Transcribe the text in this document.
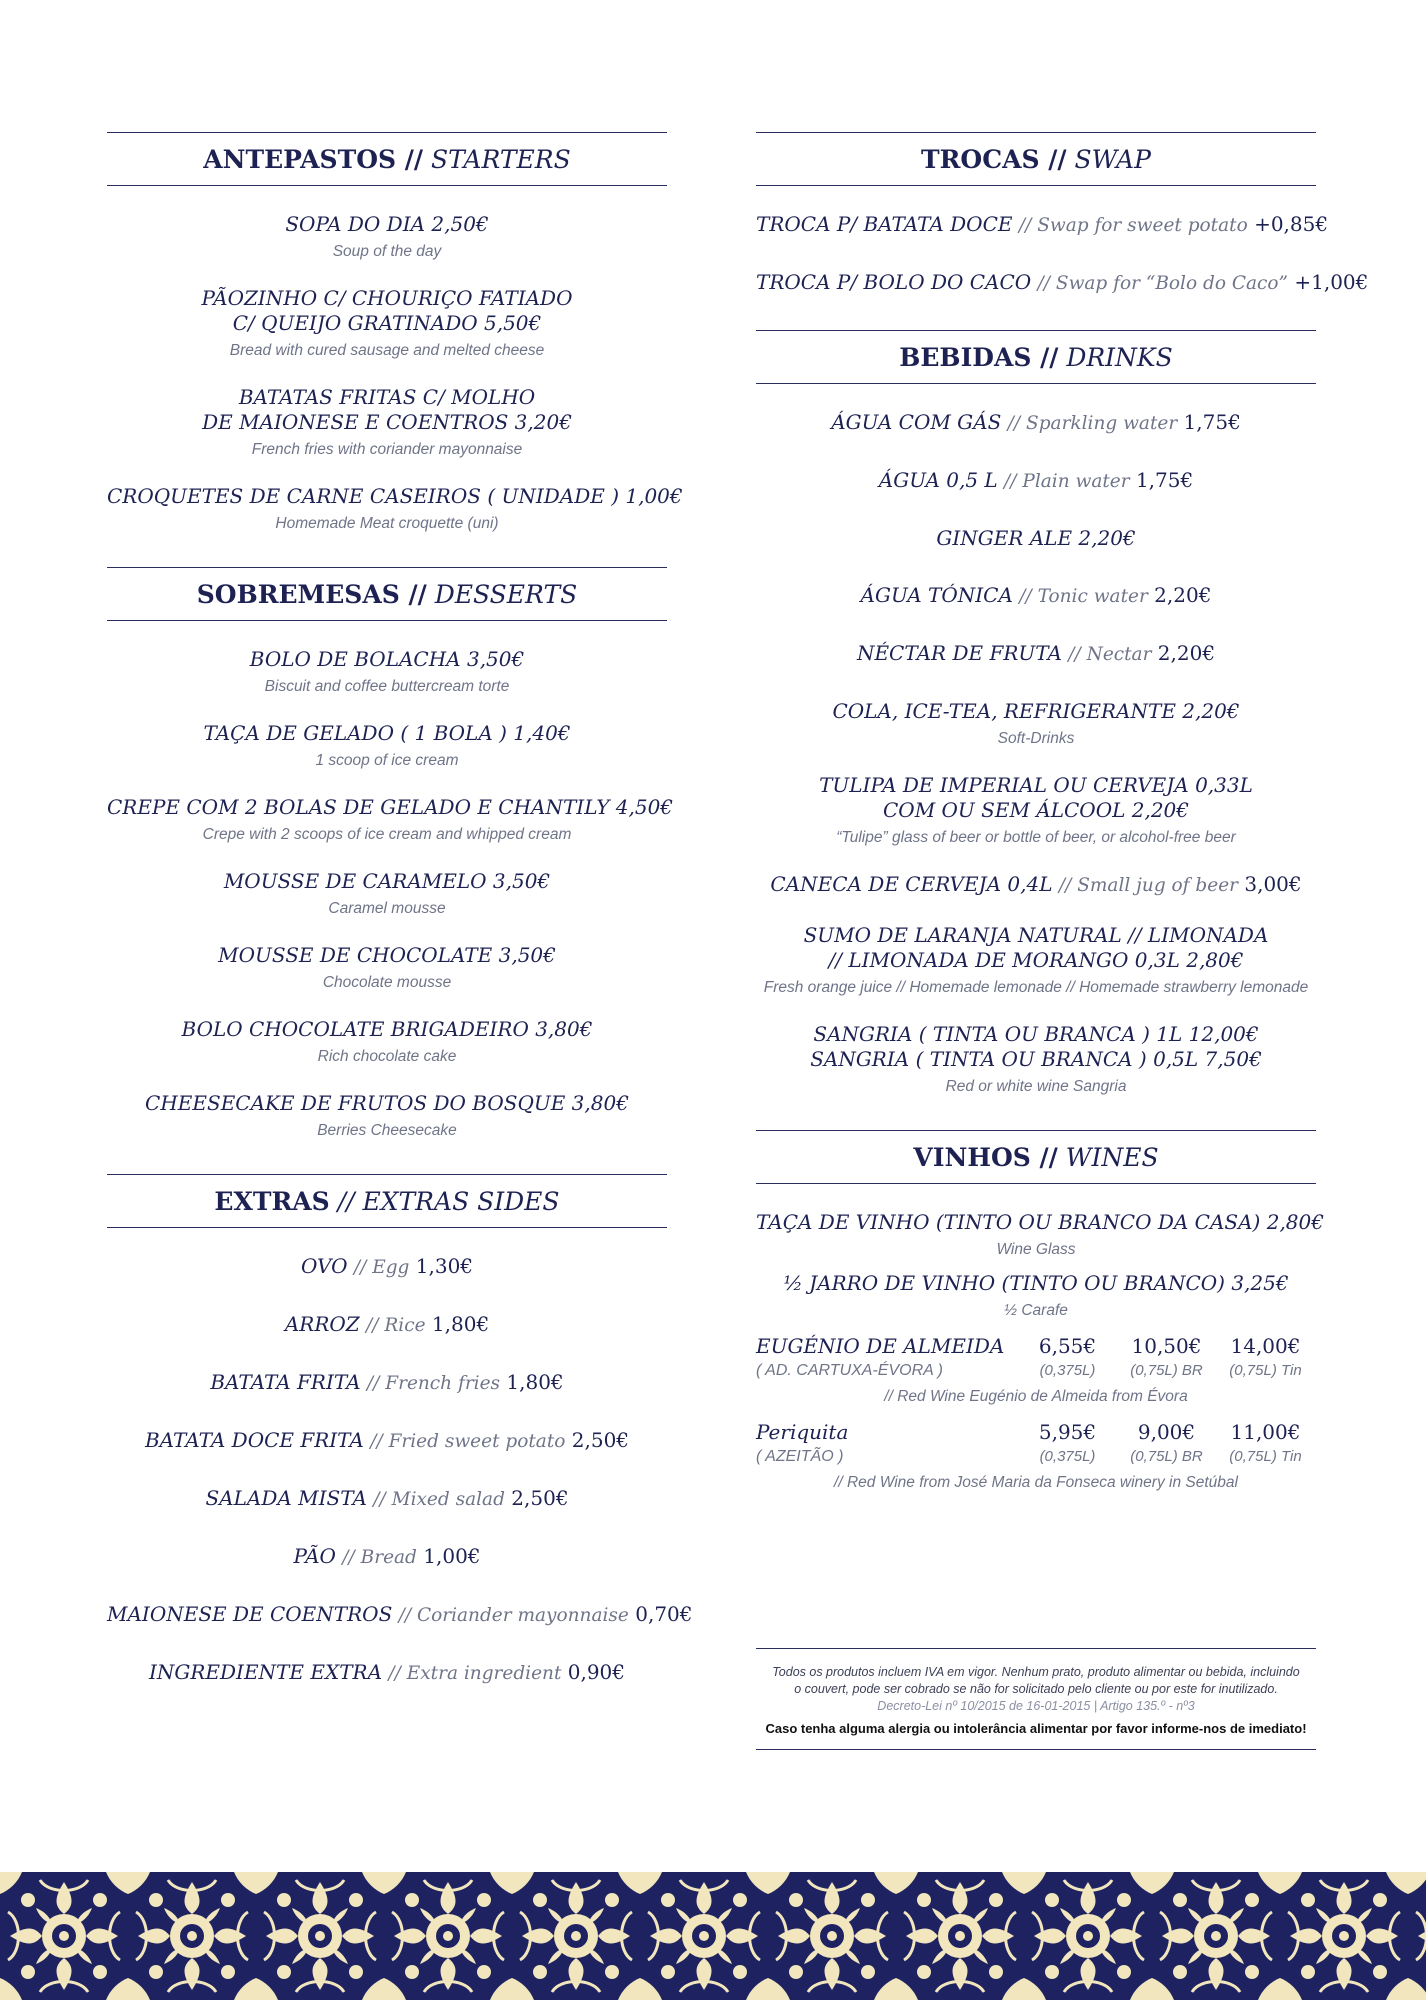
ANTEPASTOS //
STARTERS
SOPA DO DIA 2,50€
Soup of the day
PÃOZINHO C/ CHOURIÇO FATIADO
C/ QUEIJO GRATINADO 5,50€
Bread with cured sausage and melted cheese
BATATAS FRITAS C/ MOLHO
DE MAIONESE E COENTROS 3,20€
French fries with coriander mayonnaise
CROQUETES DE CARNE CASEIROS ( UNIDADE ) 1,00€
Homemade Meat croquette (uni)
SOBREMESAS //
DESSERTS
BOLO DE BOLACHA 3,50€
Biscuit and coffee buttercream torte
TAÇA DE GELADO ( 1 BOLA ) 1,40€
1 scoop of ice cream
CREPE COM 2 BOLAS DE GELADO E CHANTILY 4,50€
Crepe with 2 scoops of ice cream and whipped cream
MOUSSE DE CARAMELO 3,50€
Caramel mousse
MOUSSE DE CHOCOLATE 3,50€
Chocolate mousse
BOLO CHOCOLATE BRIGADEIRO 3,80€
Rich chocolate cake
CHEESECAKE DE FRUTOS DO BOSQUE 3,80€
Berries Cheesecake
EXTRAS
// EXTRAS SIDES
OVO // Egg 1,30€
ARROZ // Rice 1,80€
BATATA FRITA // French fries 1,80€
BATATA DOCE FRITA // Fried sweet potato 2,50€
SALADA MISTA // Mixed salad 2,50€
PÃO // Bread 1,00€
MAIONESE DE COENTROS // Coriander mayonnaise 0,70€
INGREDIENTE EXTRA // Extra ingredient 0,90€
TROCAS //
SWAP
TROCA P/ BATATA DOCE // Swap for sweet potato +0,85€
TROCA P/ BOLO DO CACO // Swap for “Bolo do Caco” +1,00€
BEBIDAS //
DRINKS
ÁGUA COM GÁS // Sparkling water 1,75€
ÁGUA 0,5 L // Plain water 1,75€
GINGER ALE 2,20€
ÁGUA TÓNICA // Tonic water 2,20€
NÉCTAR DE FRUTA // Nectar 2,20€
COLA, ICE-TEA, REFRIGERANTE 2,20€
Soft-Drinks
TULIPA DE IMPERIAL OU CERVEJA 0,33L
COM OU SEM ÁLCOOL 2,20€
“Tulipe” glass of beer or bottle of beer, or alcohol-free beer
CANECA DE CERVEJA 0,4L // Small jug of beer 3,00€
SUMO DE LARANJA NATURAL // LIMONADA
// LIMONADA DE MORANGO 0,3L 2,80€
Fresh orange juice // Homemade lemonade // Homemade strawberry lemonade
SANGRIA ( TINTA OU BRANCA ) 1L 12,00€
SANGRIA ( TINTA OU BRANCA ) 0,5L 7,50€
Red or white wine Sangria
VINHOS //
WINES
TAÇA DE VINHO (TINTO OU BRANCO DA CASA) 2,80€
Wine Glass
½ JARRO DE VINHO (TINTO OU BRANCO) 3,25€
½ Carafe
EUGÉNIO DE ALMEIDA
( AD. CARTUXA-ÉVORA )
6,55€
(0,375L)
10,50€
(0,75L) BR
14,00€
(0,75L) Tin
// Red Wine Eugénio de Almeida from Évora
Periquita
( AZEITÃO )
5,95€
(0,375L)
9,00€
(0,75L) BR
11,00€
(0,75L) Tin
// Red Wine from José Maria da Fonseca winery in Setúbal
Todos os produtos incluem IVA em vigor. Nenhum prato, produto alimentar ou bebida, incluindo
o couvert, pode ser cobrado se não for solicitado pelo cliente ou por este for inutilizado.
Decreto-Lei nº 10/2015 de 16-01-2015 | Artigo 135.º - nº3
Caso tenha alguma alergia ou intolerância alimentar por favor informe-nos de imediato!
